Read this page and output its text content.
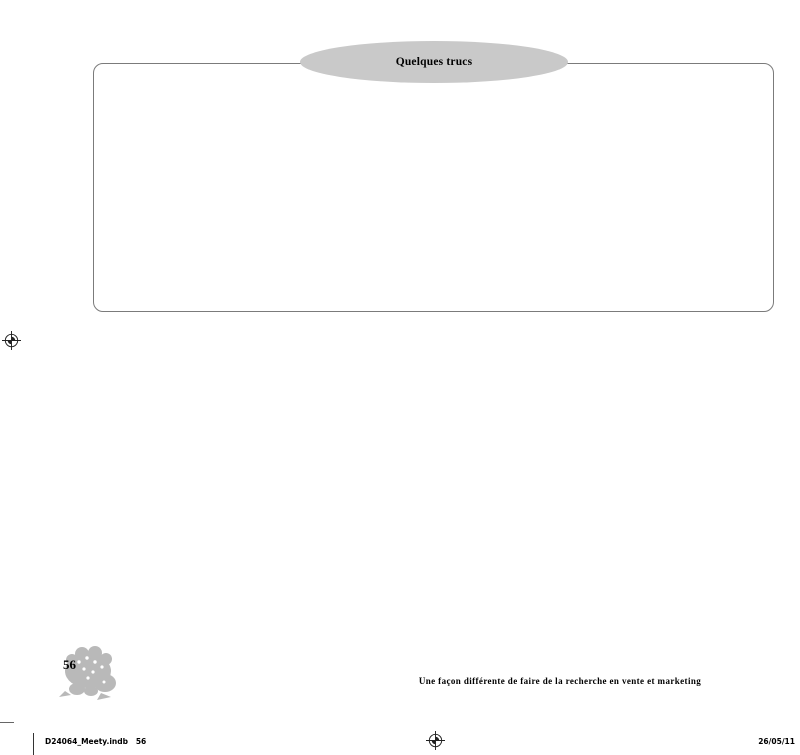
Quelques trucs
•
•
•
•
•
•
56
Une façon différente de faire de la recherche en vente et marketing
D24064_Meety.indb   56	26/05/11
